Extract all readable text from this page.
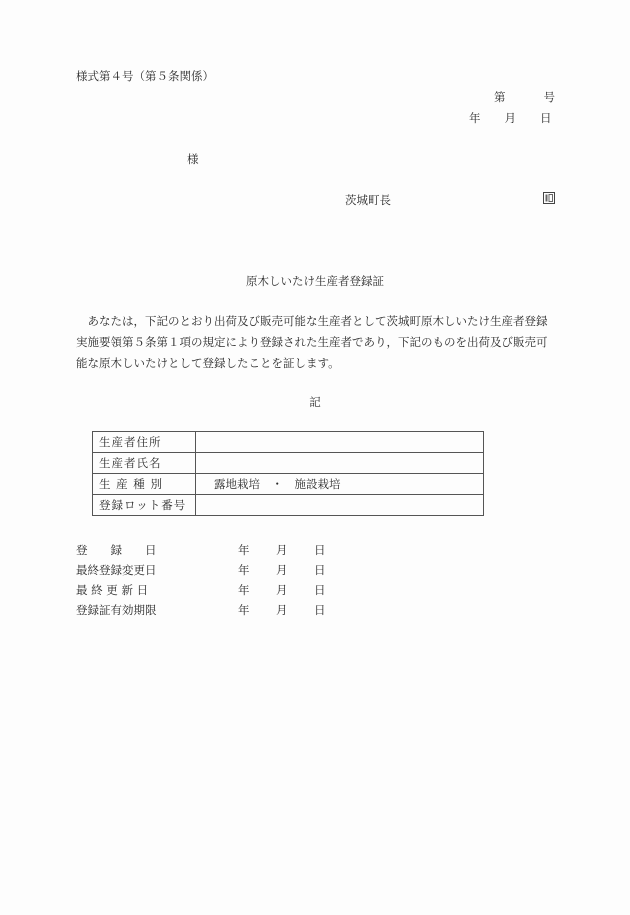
様式第４号（第５条関係）
第	号
年 月 日
様
茨城町長
原木しいたけ生産者登録証
あなたは，下記のとおり出荷及び販売可能な生産者として茨城町原木しいたけ生産者登録実施要領第５条第１項の規定により登録された生産者であり，下記のものを出荷及び販売可能な原木しいたけとして登録したことを証します。
記
生産者住所	
生産者氏名	
生 産 種 別	露地栽培　・　施設栽培
登録ロット番号	
登　　録　　日	年	月	日
最終登録変更日	年	月	日
最 終 更 新 日	年	月	日
登録証有効期限	年	月	日
